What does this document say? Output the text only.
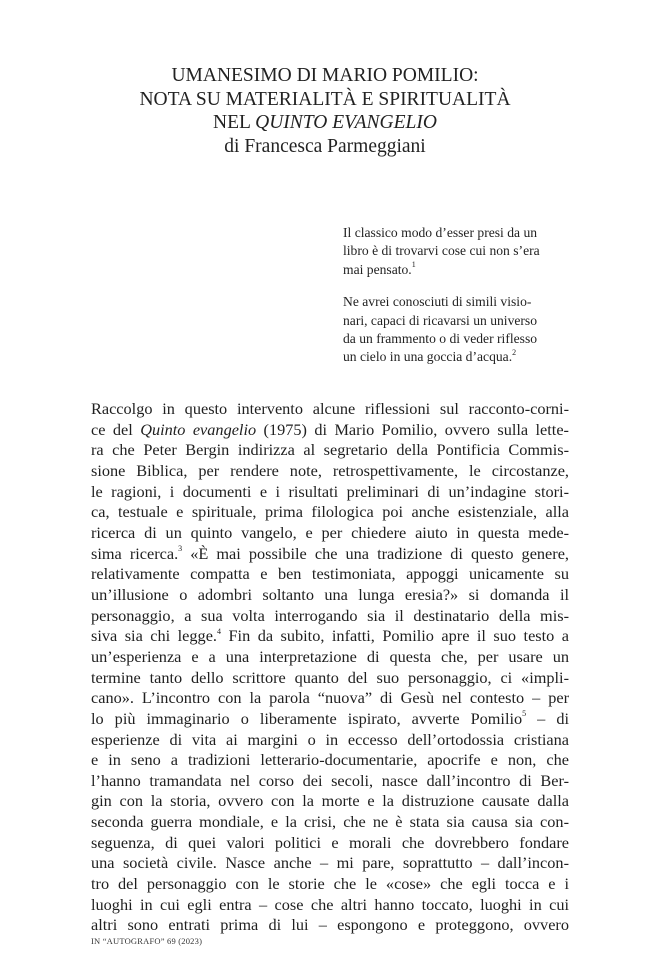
UMANESIMO DI MARIO POMILIO:
NOTA SU MATERIALITÀ E SPIRITUALITÀ
NEL QUINTO EVANGELIO
di Francesca Parmeggiani

Il classico modo d’esser presi da un
libro è di trovarvi cose cui non s’era
mai pensato.$^1$

Ne avrei conosciuti di simili visio-
nari, capaci di ricavarsi un universo
da un frammento o di veder riflesso
un cielo in una goccia d’acqua.$^2$

Raccolgo in questo intervento alcune riflessioni sul racconto-corni-
ce del Quinto evangelio (1975) di Mario Pomilio, ovvero sulla lette-
ra che Peter Bergin indirizza al segretario della Pontificia Commis-
sione Biblica, per rendere note, retrospettivamente, le circostanze,
le ragioni, i documenti e i risultati preliminari di un’indagine stori-
ca, testuale e spirituale, prima filologica poi anche esistenziale, alla
ricerca di un quinto vangelo, e per chiedere aiuto in questa mede-
sima ricerca.$^3$ «È mai possibile che una tradizione di questo genere,
relativamente compatta e ben testimoniata, appoggi unicamente su
un’illusione o adombri soltanto una lunga eresia?» si domanda il
personaggio, a sua volta interrogando sia il destinatario della mis-
siva sia chi legge.$^4$ Fin da subito, infatti, Pomilio apre il suo testo a
un’esperienza e a una interpretazione di questa che, per usare un
termine tanto dello scrittore quanto del suo personaggio, ci «impli-
cano». L’incontro con la parola “nuova” di Gesù nel contesto – per
lo più immaginario o liberamente ispirato, avverte Pomilio$^5$ – di
esperienze di vita ai margini o in eccesso dell’ortodossia cristiana
e in seno a tradizioni letterario-documentarie, apocrife e non, che
l’hanno tramandata nel corso dei secoli, nasce dall’incontro di Ber-
gin con la storia, ovvero con la morte e la distruzione causate dalla
seconda guerra mondiale, e la crisi, che ne è stata sia causa sia con-
seguenza, di quei valori politici e morali che dovrebbero fondare
una società civile. Nasce anche – mi pare, soprattutto – dall’incon-
tro del personaggio con le storie che le «cose» che egli tocca e i
luoghi in cui egli entra – cose che altri hanno toccato, luoghi in cui
altri sono entrati prima di lui – espongono e proteggono, ovvero
IN “AUTOGRAFO” 69 (2023)
